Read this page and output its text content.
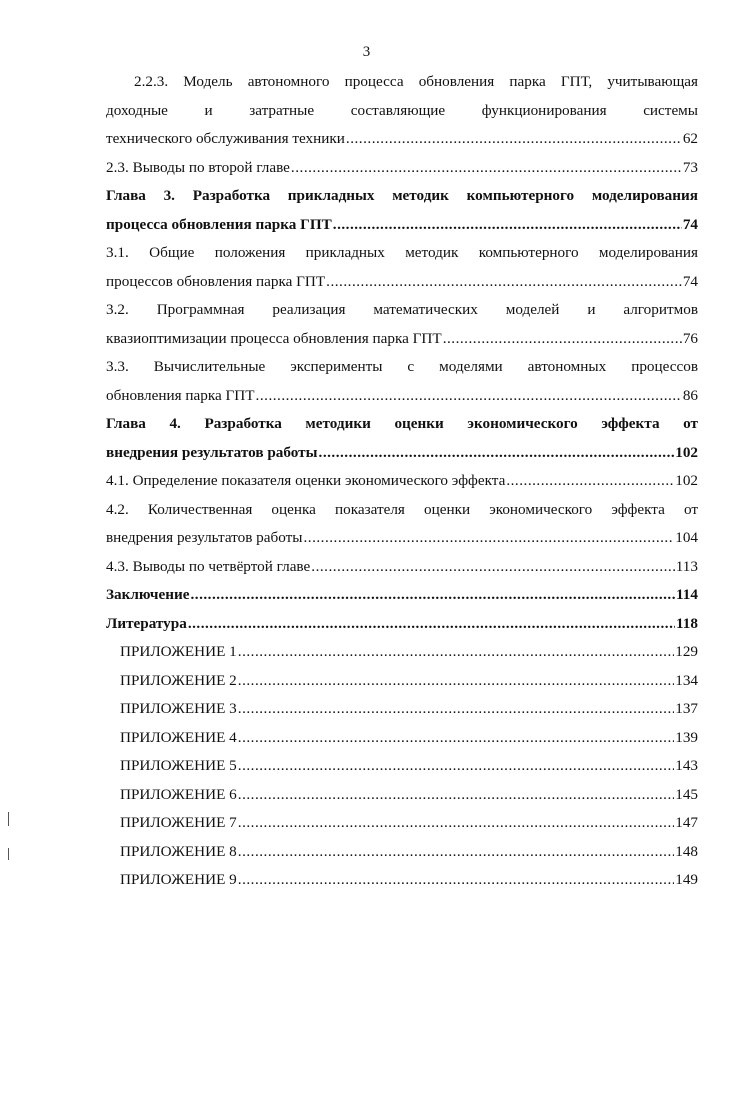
3
2.2.3. Модель автономного процесса обновления парка ГПТ, учитывающая
доходные и затратные составляющие функционирования системы
технического обслуживания техники .....	62
2.3. Выводы по второй главе .....	73
Глава 3. Разработка прикладных методик компьютерного моделирования
процесса обновления парка ГПТ .....	74
3.1. Общие положения прикладных методик компьютерного моделирования
процессов обновления парка ГПТ .....	74
3.2. Программная реализация математических моделей и алгоритмов
квазиоптимизации процесса обновления парка ГПТ .....	76
3.3. Вычислительные эксперименты с моделями автономных процессов
обновления парка ГПТ .....	86
Глава 4. Разработка методики оценки экономического эффекта от
внедрения результатов работы .....	102
4.1. Определение показателя оценки экономического эффекта .....	102
4.2. Количественная оценка показателя оценки экономического эффекта от
внедрения результатов работы .....	104
4.3. Выводы по четвёртой главе .....	113
Заключение .....	114
Литература .....	118
ПРИЛОЖЕНИЕ 1 .....	129
ПРИЛОЖЕНИЕ 2 .....	134
ПРИЛОЖЕНИЕ 3 .....	137
ПРИЛОЖЕНИЕ 4 .....	139
ПРИЛОЖЕНИЕ 5 .....	143
ПРИЛОЖЕНИЕ 6 .....	145
ПРИЛОЖЕНИЕ 7 .....	147
ПРИЛОЖЕНИЕ 8 .....	148
ПРИЛОЖЕНИЕ 9 .....	149
